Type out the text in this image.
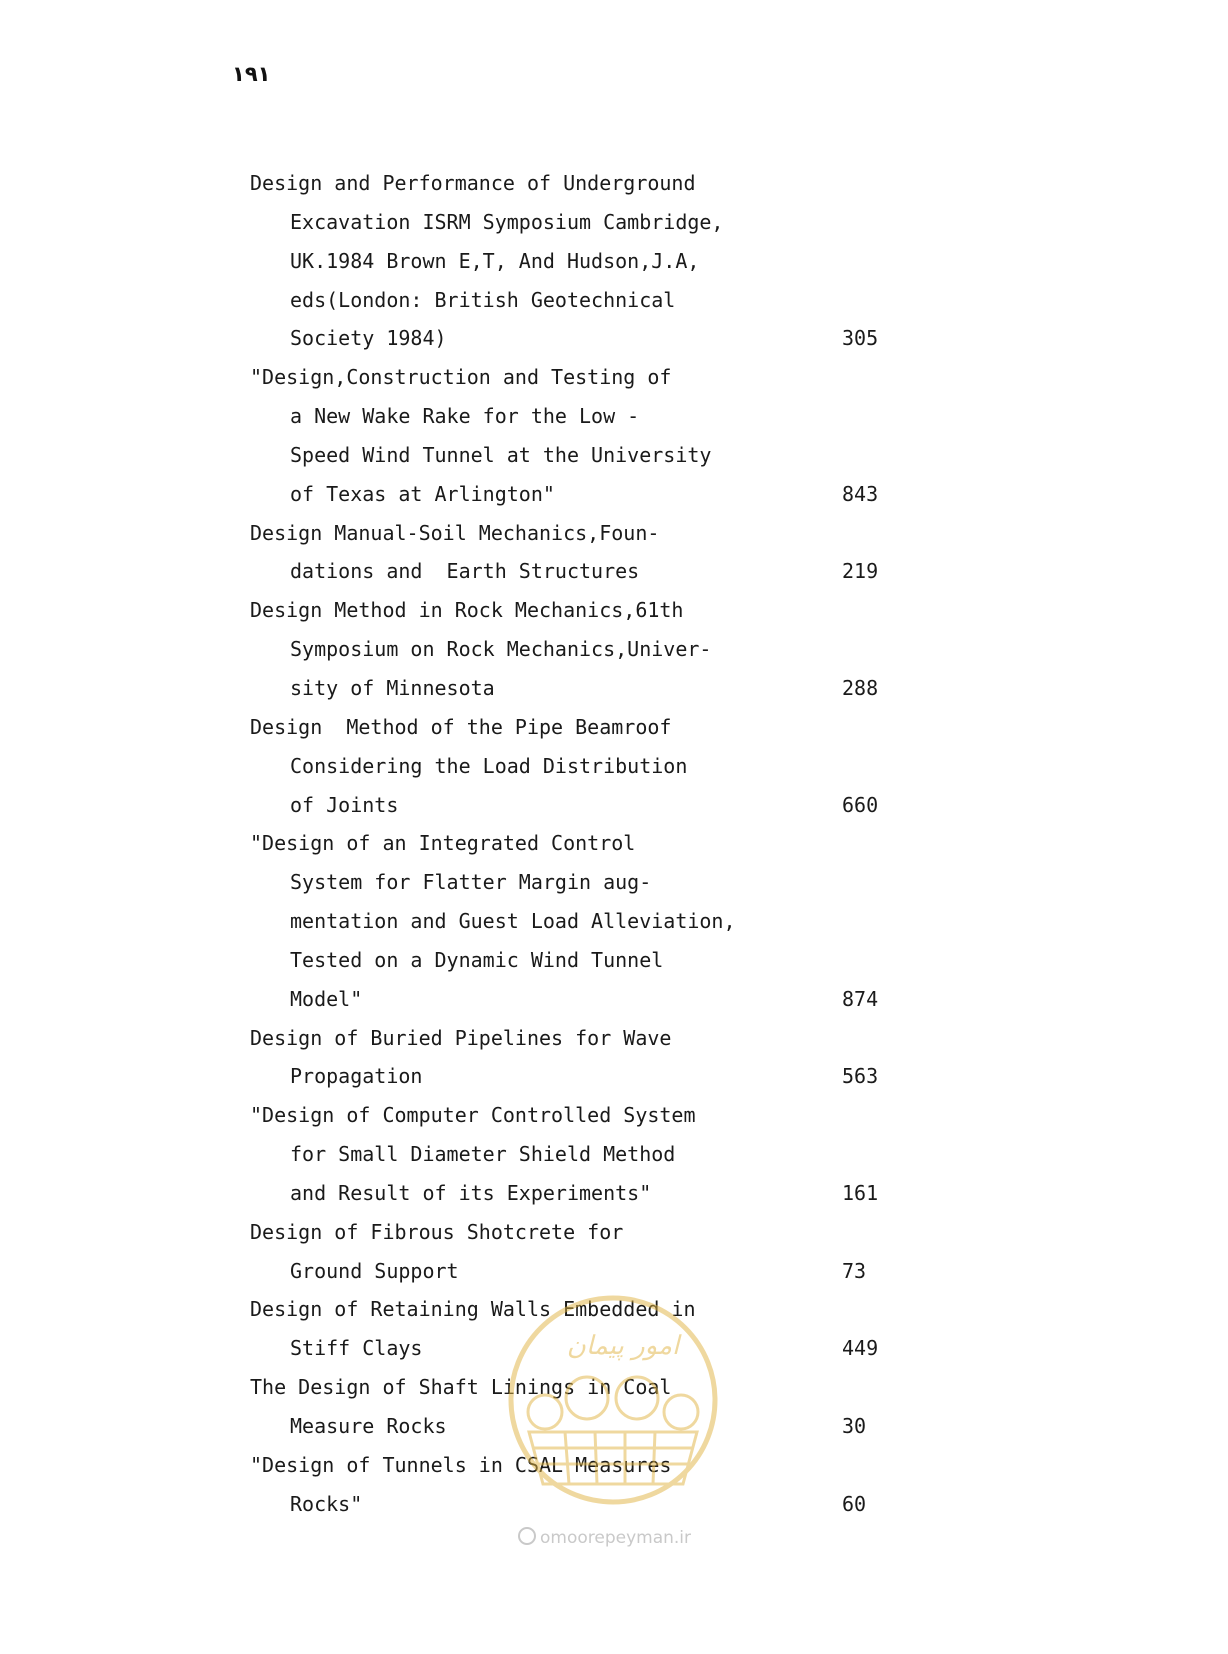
۱۹۱
Design and Performance of Underground
Excavation ISRM Symposium Cambridge,
UK.1984 Brown E,T, And Hudson,J.A,
eds(London: British Geotechnical
Society 1984)	305
"Design,Construction and Testing of
a New Wake Rake for the Low -
Speed Wind Tunnel at the University
of Texas at Arlington"	843
Design Manual-Soil Mechanics,Foun-
dations and  Earth Structures	219
Design Method in Rock Mechanics,61th
Symposium on Rock Mechanics,Univer-
sity of Minnesota	288
Design  Method of the Pipe Beamroof
Considering the Load Distribution
of Joints	660
"Design of an Integrated Control
System for Flatter Margin aug-
mentation and Guest Load Alleviation,
Tested on a Dynamic Wind Tunnel
Model"	874
Design of Buried Pipelines for Wave
Propagation	563
"Design of Computer Controlled System
for Small Diameter Shield Method
and Result of its Experiments"	161
Design of Fibrous Shotcrete for
Ground Support	73
Design of Retaining Walls Embedded in
Stiff Clays	449
The Design of Shaft Linings in Coal
Measure Rocks	30
"Design of Tunnels in CSAL Measures
Rocks"	60
امور پیمان
omoorepeyman.ir
